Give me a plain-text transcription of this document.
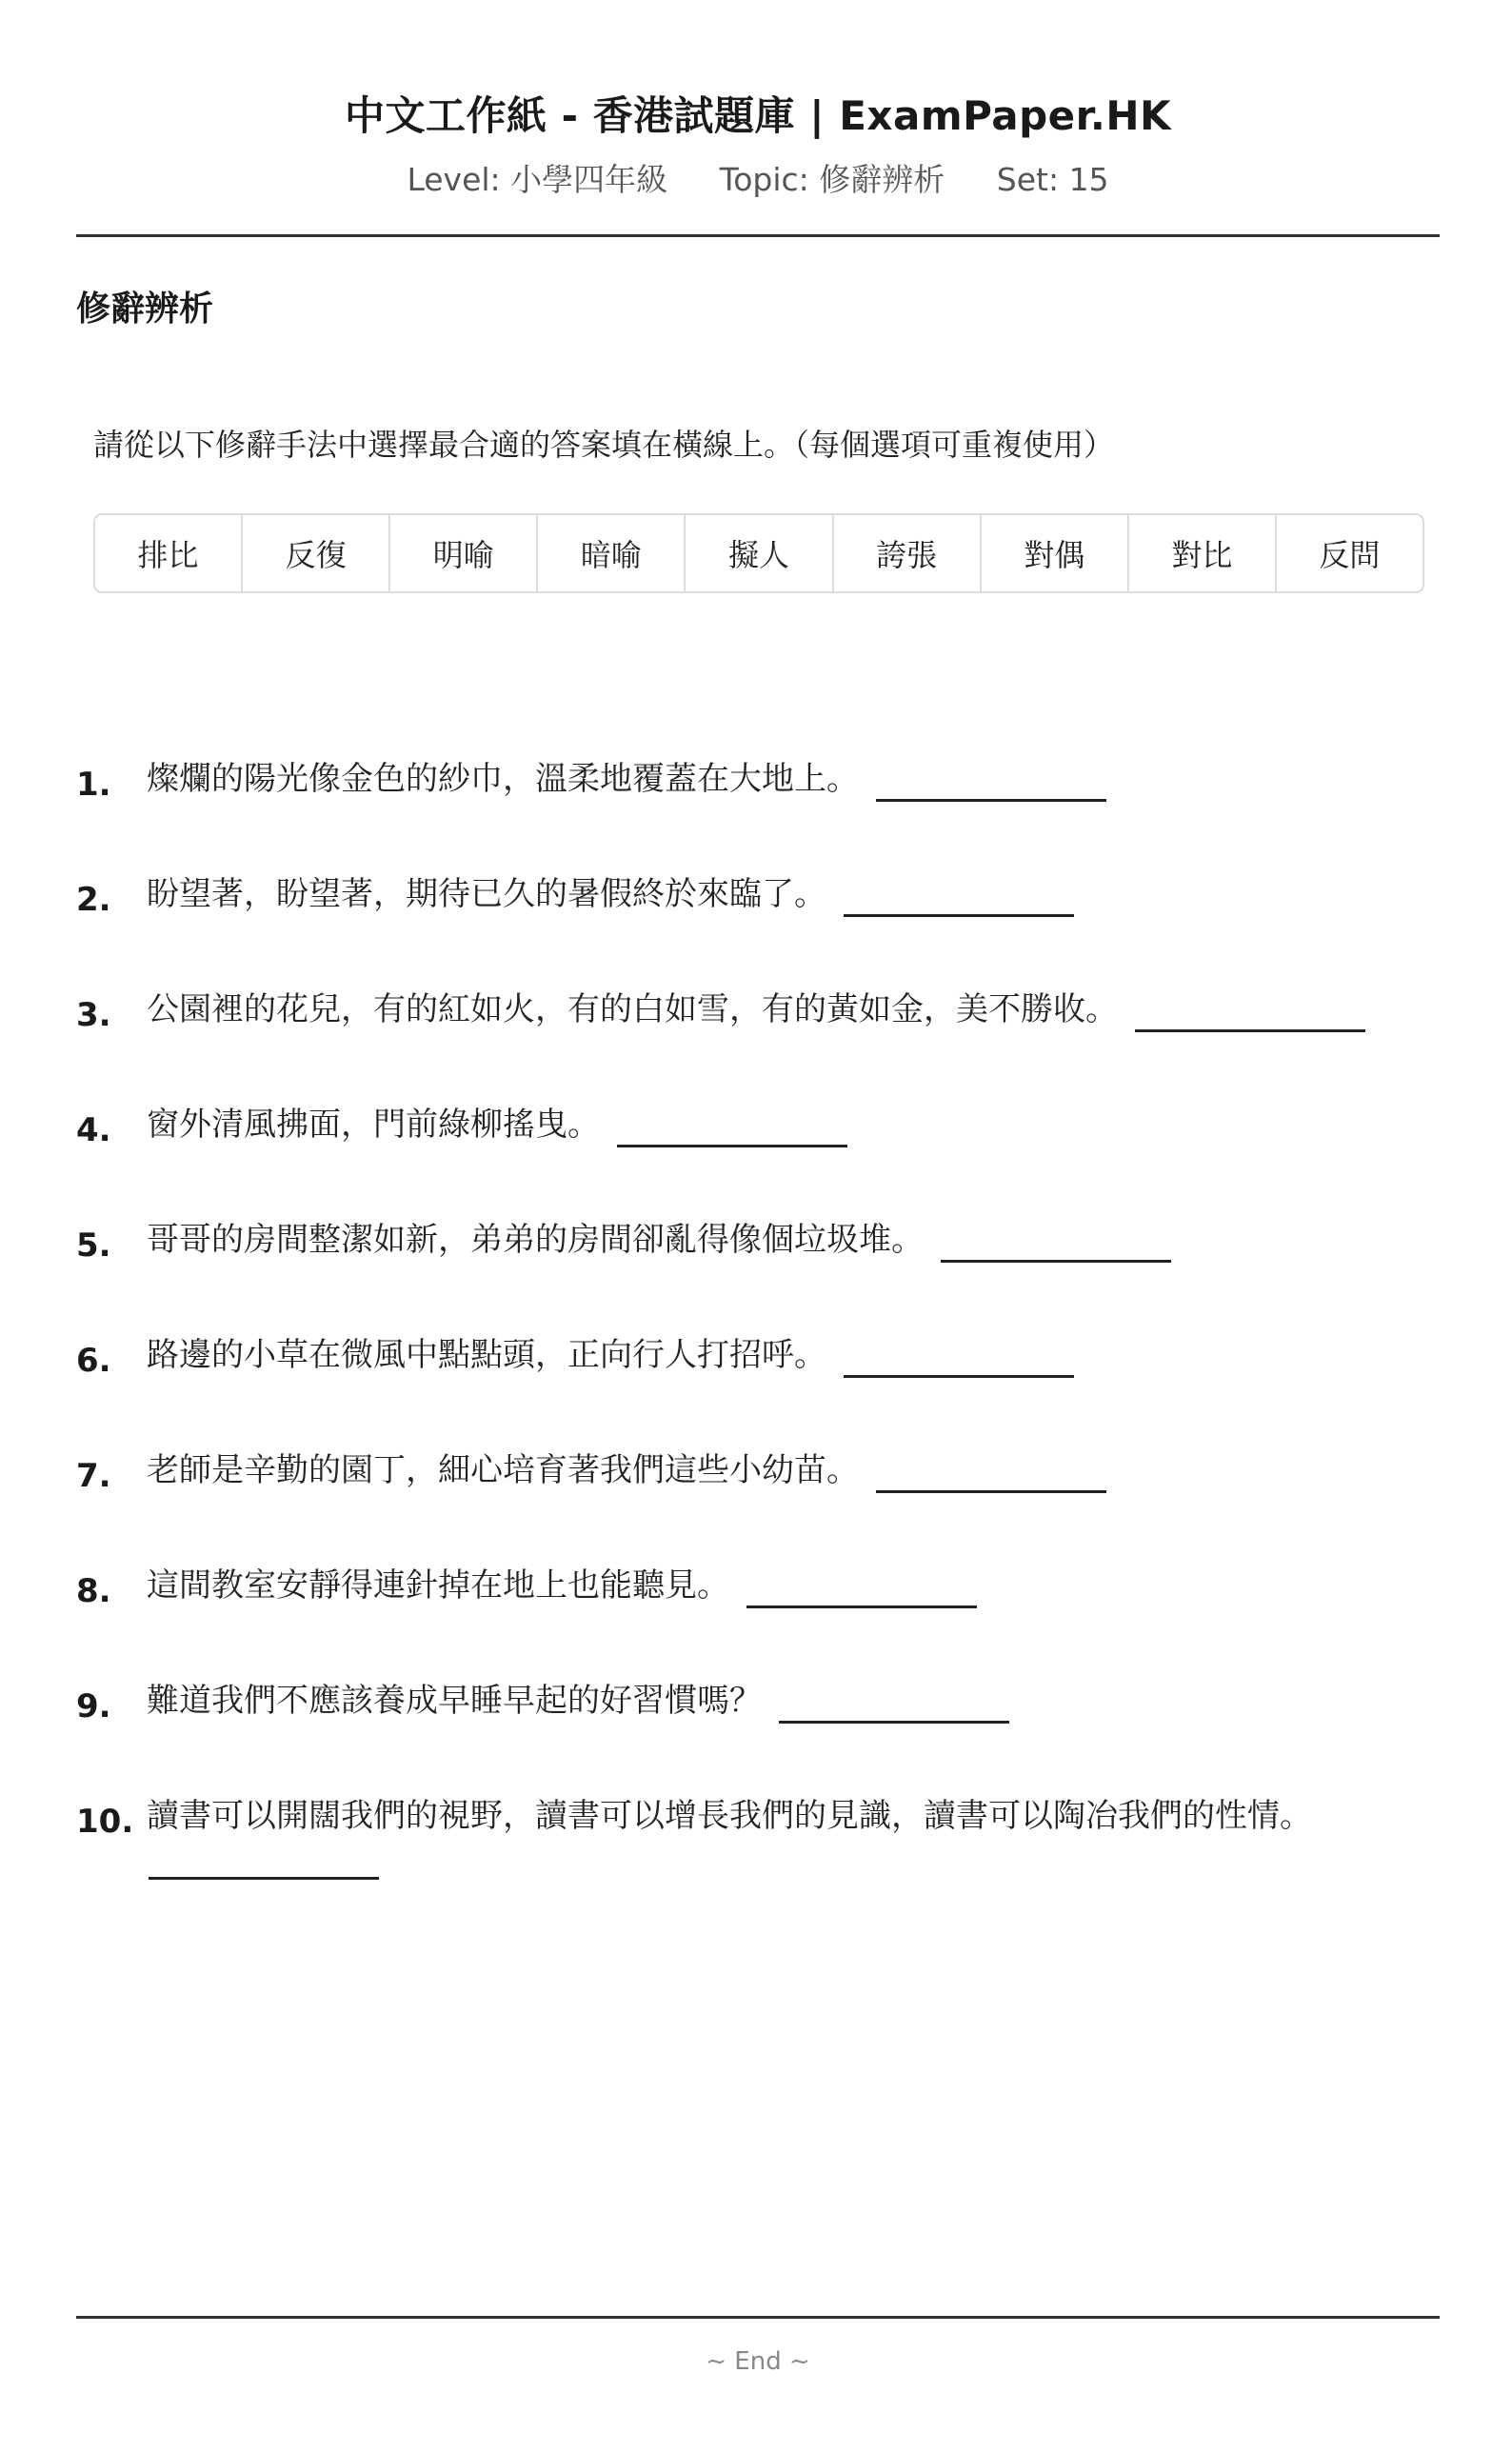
中文工作紙 - 香港試題庫 | ExamPaper.HK
Level: 小學四年級 Topic: 修辭辨析 Set: 15
修辭辨析
請從以下修辭手法中選擇最合適的答案填在橫線上。（每個選項可重複使用）
排比	反復	明喻	暗喻	擬人	誇張	對偶	對比	反問
1. 燦爛的陽光像金色的紗巾，溫柔地覆蓋在大地上。
2. 盼望著，盼望著，期待已久的暑假終於來臨了。
3. 公園裡的花兒，有的紅如火，有的白如雪，有的黃如金，美不勝收。
4. 窗外清風拂面，門前綠柳搖曳。
5. 哥哥的房間整潔如新，弟弟的房間卻亂得像個垃圾堆。
6. 路邊的小草在微風中點點頭，正向行人打招呼。
7. 老師是辛勤的園丁，細心培育著我們這些小幼苗。
8. 這間教室安靜得連針掉在地上也能聽見。
9. 難道我們不應該養成早睡早起的好習慣嗎？
10. 讀書可以開闊我們的視野，讀書可以增長我們的見識，讀書可以陶冶我們的性情。
~ End ~
